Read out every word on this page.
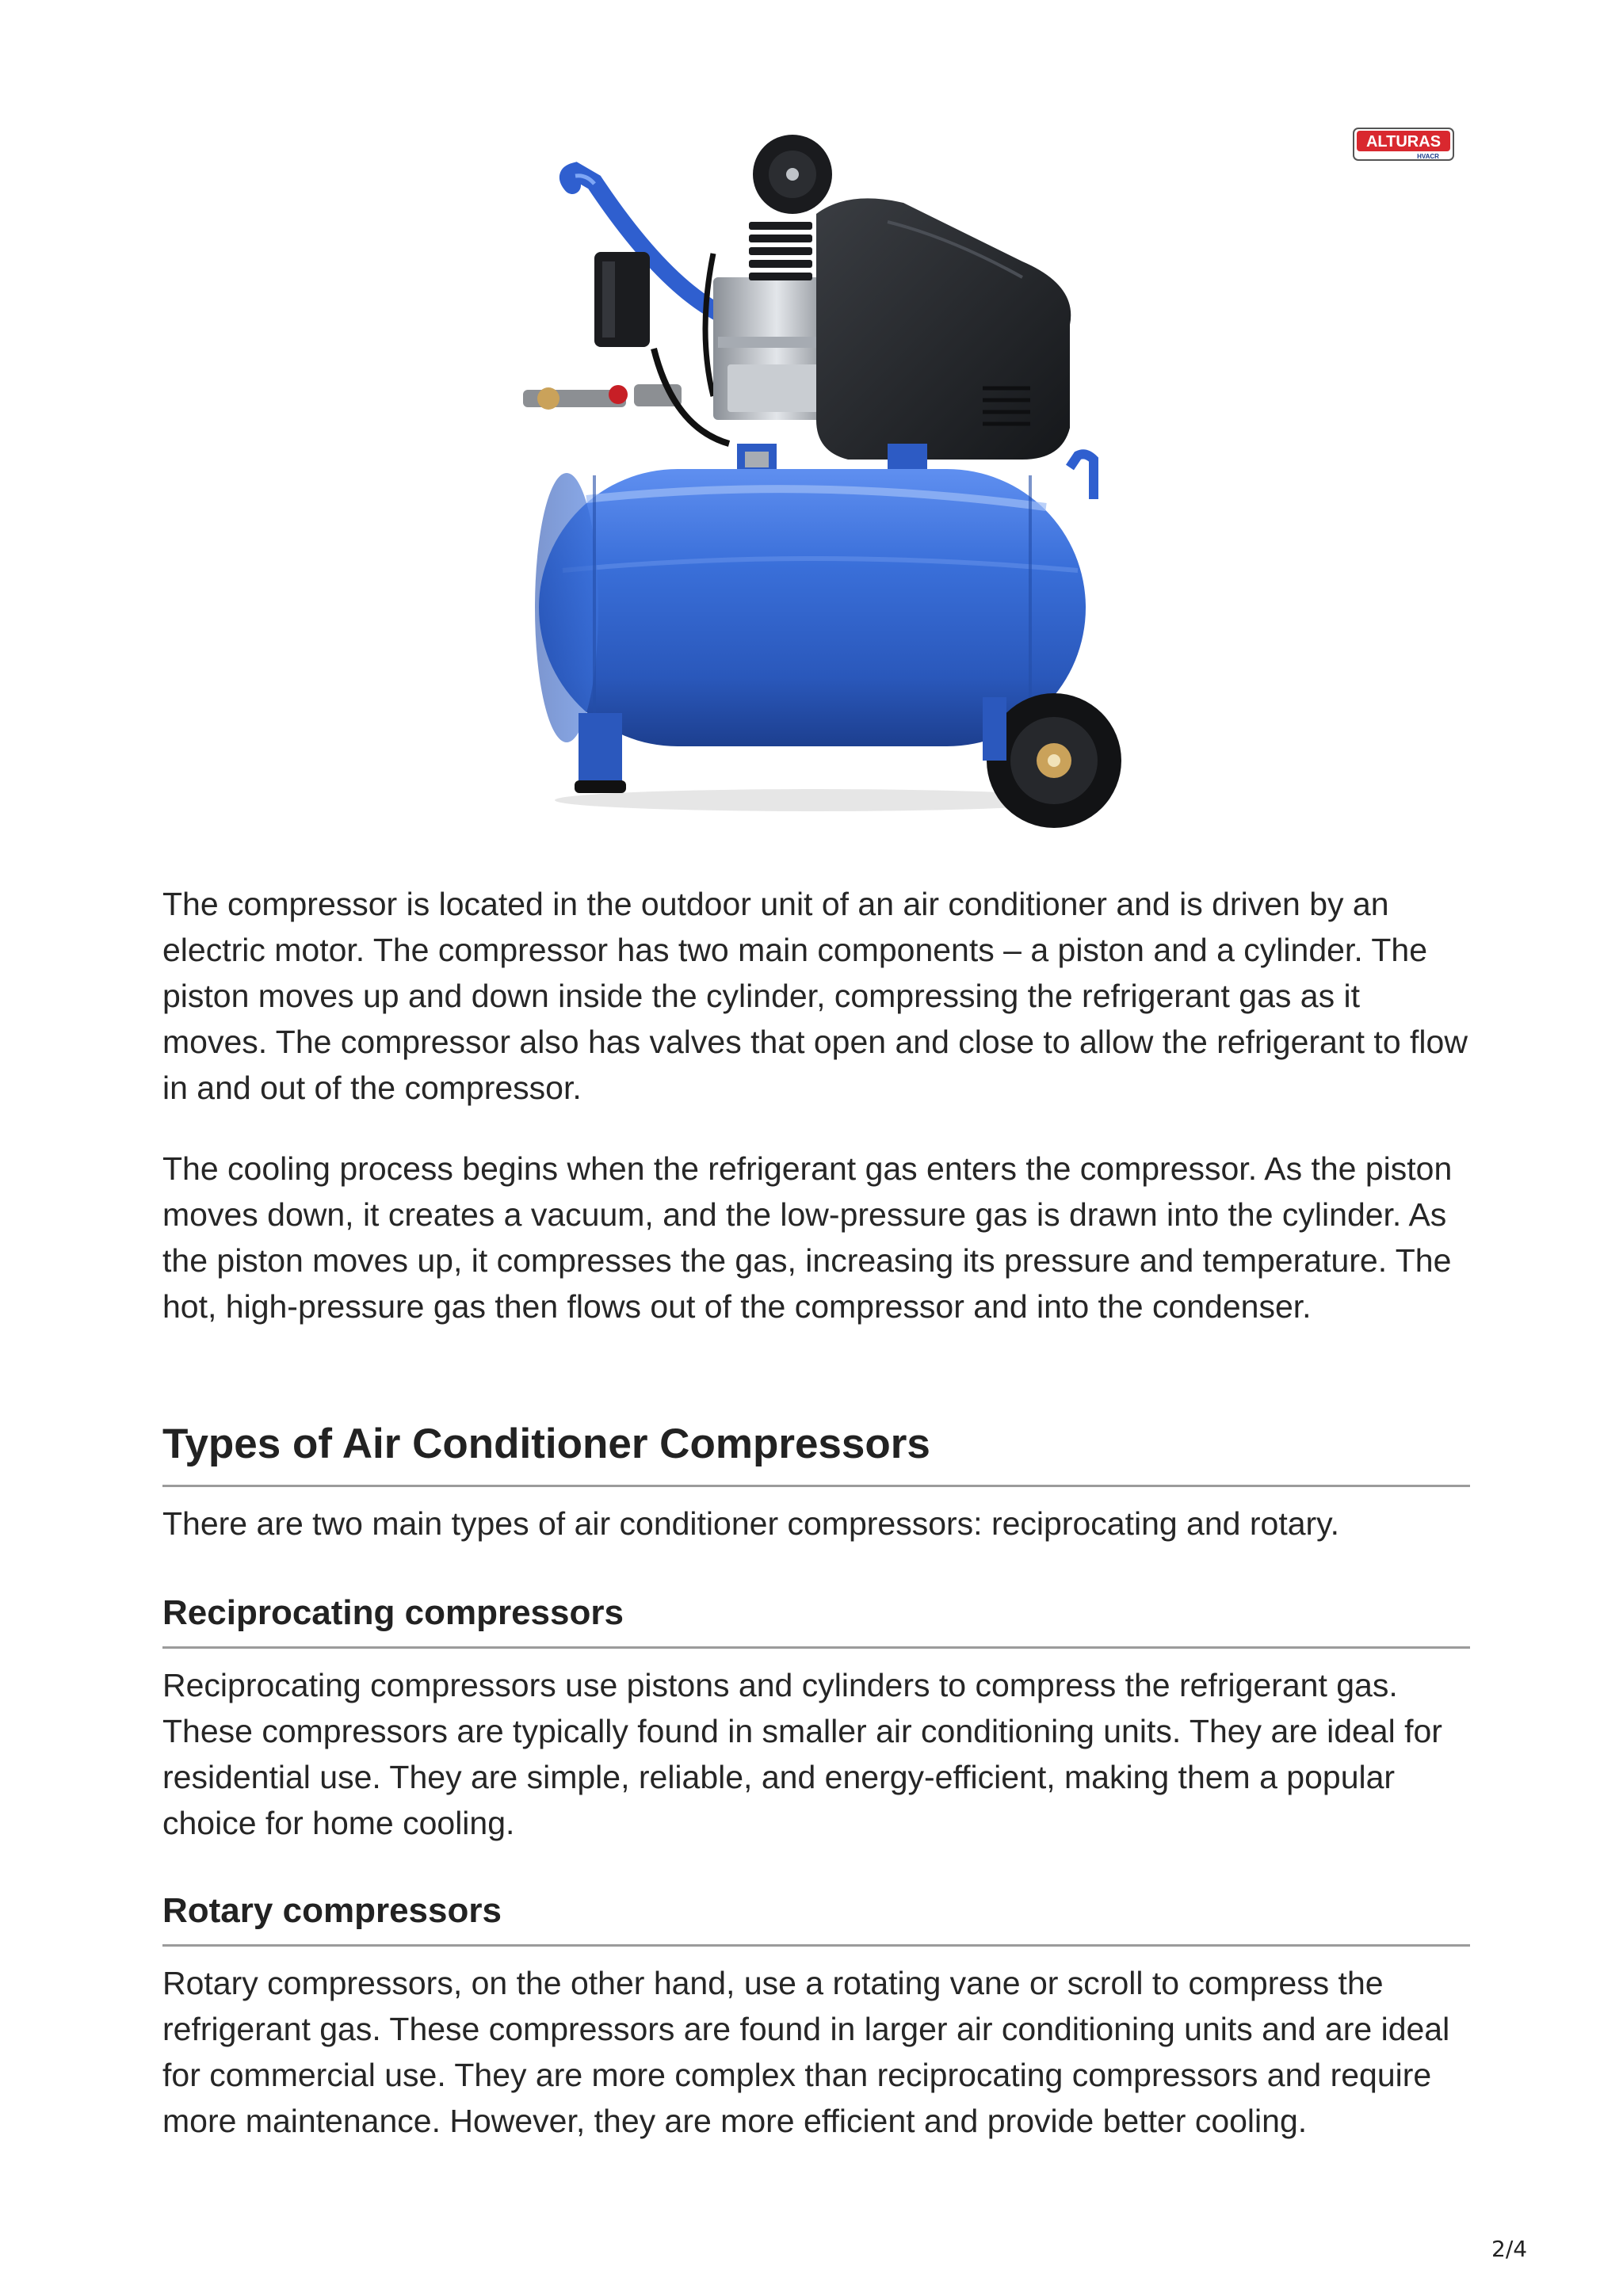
ALTURAS
HVACR

The compressor is located in the outdoor unit of an air conditioner and is driven by an electric motor. The compressor has two main components – a piston and a cylinder. The piston moves up and down inside the cylinder, compressing the refrigerant gas as it moves. The compressor also has valves that open and close to allow the refrigerant to flow in and out of the compressor.

The cooling process begins when the refrigerant gas enters the compressor. As the piston moves down, it creates a vacuum, and the low-pressure gas is drawn into the cylinder. As the piston moves up, it compresses the gas, increasing its pressure and temperature. The hot, high-pressure gas then flows out of the compressor and into the condenser.

Types of Air Conditioner Compressors

There are two main types of air conditioner compressors: reciprocating and rotary.

Reciprocating compressors

Reciprocating compressors use pistons and cylinders to compress the refrigerant gas. These compressors are typically found in smaller air conditioning units. They are ideal for residential use. They are simple, reliable, and energy-efficient, making them a popular choice for home cooling.

Rotary compressors

Rotary compressors, on the other hand, use a rotating vane or scroll to compress the refrigerant gas. These compressors are found in larger air conditioning units and are ideal for commercial use. They are more complex than reciprocating compressors and require more maintenance. However, they are more efficient and provide better cooling.

2/4
